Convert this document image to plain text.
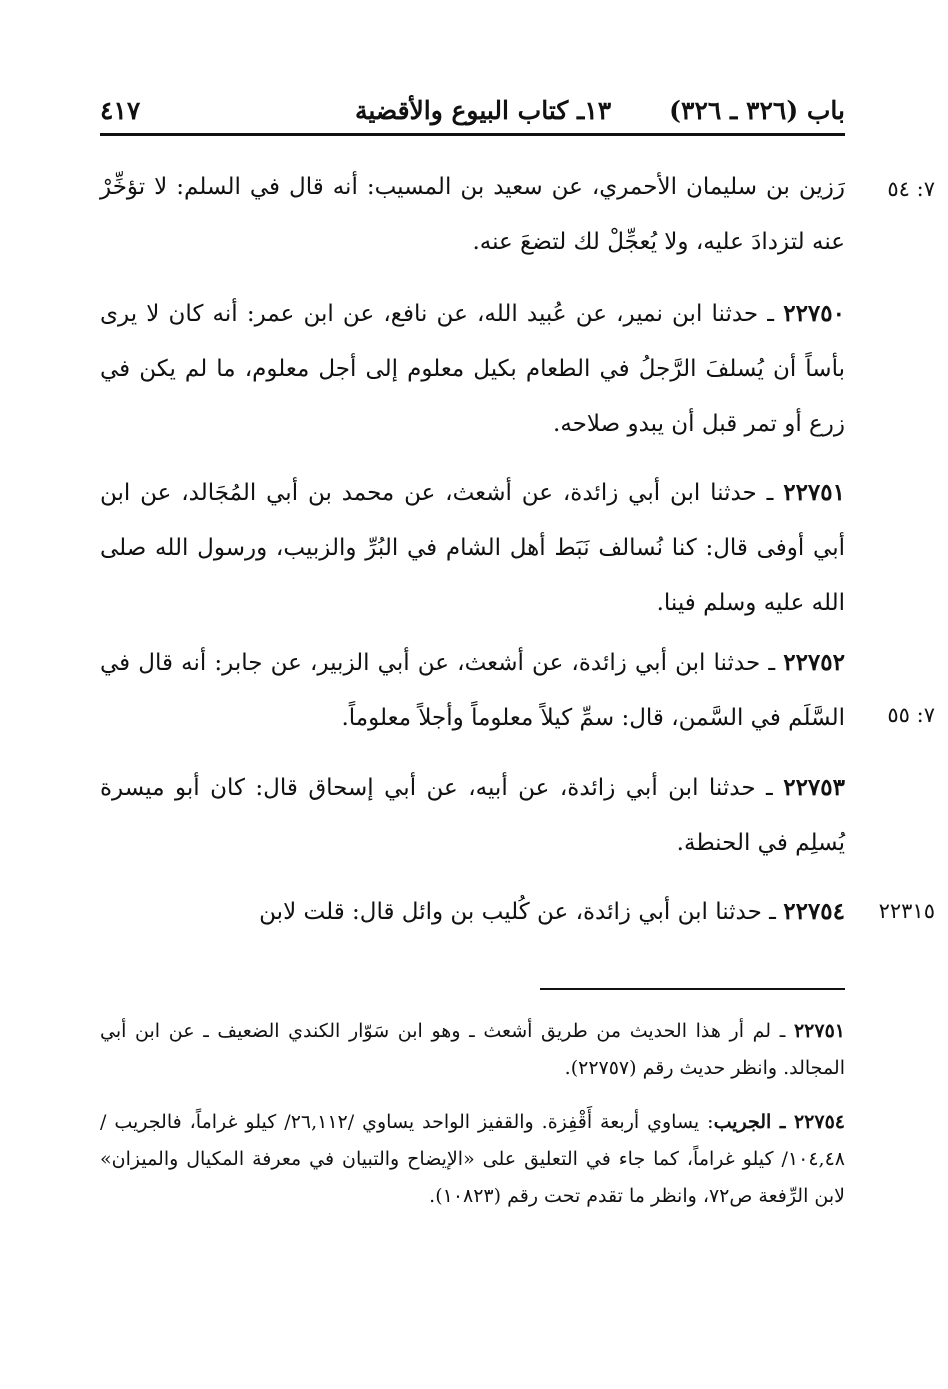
باب (٣٢٦ ـ ٣٢٦)
١٣ـ كتاب البيوع والأقضية
٤١٧
٧: ٥٤
٧: ٥٥
٢٢٣١٥
رَزين بن سليمان الأحمري، عن سعيد بن المسيب: أنه قال في السلم: لا تؤخِّرْ عنه لتزدادَ عليه، ولا يُعجِّلْ لك لتضعَ عنه.
٢٢٧٥٠ ـ حدثنا ابن نمير، عن عُبيد الله، عن نافع، عن ابن عمر: أنه كان لا يرى بأساً أن يُسلفَ الرَّجلُ في الطعام بكيل معلوم إلى أجل معلوم، ما لم يكن في زرع أو تمر قبل أن يبدو صلاحه.
٢٢٧٥١ ـ حدثنا ابن أبي زائدة، عن أشعث، عن محمد بن أبي المُجَالد، عن ابن أبي أوفى قال: كنا نُسالف نَبَط أهل الشام في البُرِّ والزبيب، ورسول الله صلى الله عليه وسلم فينا.
٢٢٧٥٢ ـ حدثنا ابن أبي زائدة، عن أشعث، عن أبي الزبير، عن جابر: أنه قال في السَّلَم في السَّمن، قال: سمِّ كيلاً معلوماً وأجلاً معلوماً.
٢٢٧٥٣ ـ حدثنا ابن أبي زائدة، عن أبيه، عن أبي إسحاق قال: كان أبو ميسرة يُسلِم في الحنطة.
٢٢٧٥٤ ـ حدثنا ابن أبي زائدة، عن كُليب بن وائل قال: قلت لابن
٢٢٧٥١ ـ لم أر هذا الحديث من طريق أشعث ـ وهو ابن سَوّار الكندي الضعيف ـ عن ابن أبي المجالد. وانظر حديث رقم (٢٢٧٥٧).
٢٢٧٥٤ ـ الجريب: يساوي أربعة أَقْفِزة. والقفيز الواحد يساوي /٢٦,١١٢/ كيلو غراماً، فالجريب /١٠٤,٤٨/ كيلو غراماً، كما جاء في التعليق على «الإيضاح والتبيان في معرفة المكيال والميزان» لابن الرِّفعة ص٧٢، وانظر ما تقدم تحت رقم (١٠٨٢٣).
